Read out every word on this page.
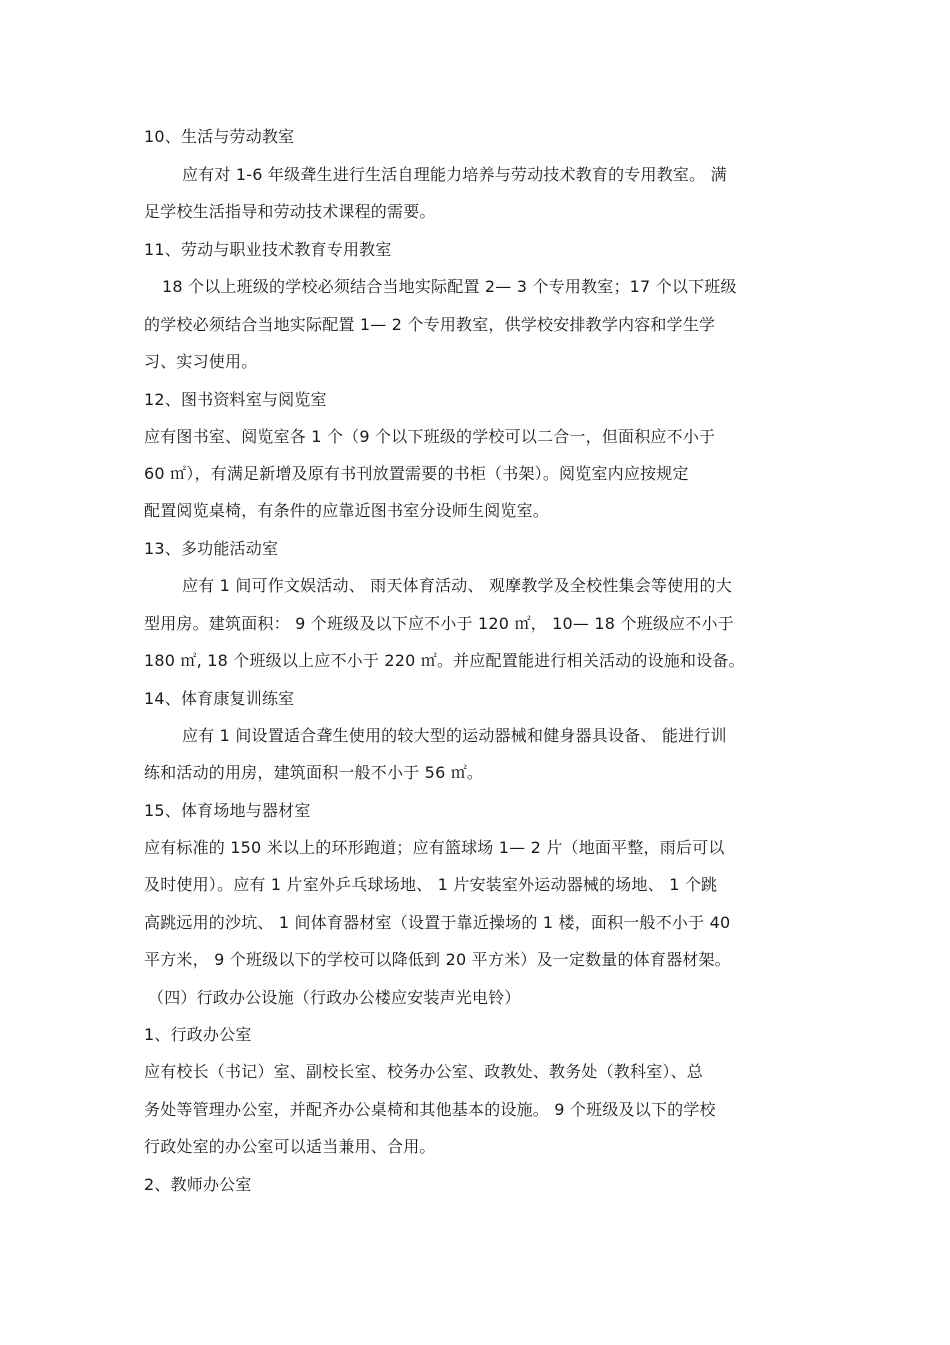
10、生活与劳动教室
应有对 1-6 年级聋生进行生活自理能力培养与劳动技术教育的专用教室。 满
足学校生活指导和劳动技术课程的需要。
11、劳动与职业技术教育专用教室
18 个以上班级的学校必须结合当地实际配置 2— 3 个专用教室；17 个以下班级
的学校必须结合当地实际配置 1— 2 个专用教室，供学校安排教学内容和学生学
习、实习使用。
12、图书资料室与阅览室
应有图书室、阅览室各 1 个（9 个以下班级的学校可以二合一，但面积应不小于
60 ㎡），有满足新增及原有书刊放置需要的书柜（书架）。阅览室内应按规定
配置阅览桌椅，有条件的应靠近图书室分设师生阅览室。
13、多功能活动室
应有 1 间可作文娱活动、 雨天体育活动、 观摩教学及全校性集会等使用的大
型用房。建筑面积： 9 个班级及以下应不小于 120 ㎡， 10— 18 个班级应不小于
180 ㎡, 18 个班级以上应不小于 220 ㎡。并应配置能进行相关活动的设施和设备。
14、体育康复训练室
应有 1 间设置适合聋生使用的较大型的运动器械和健身器具设备、 能进行训
练和活动的用房，建筑面积一般不小于 56 ㎡。
15、体育场地与器材室
应有标准的 150 米以上的环形跑道；应有篮球场 1— 2 片（地面平整，雨后可以
及时使用）。应有 1 片室外乒乓球场地、 1 片安装室外运动器械的场地、 1 个跳
高跳远用的沙坑、 1 间体育器材室（设置于靠近操场的 1 楼，面积一般不小于 40
平方米， 9 个班级以下的学校可以降低到 20 平方米）及一定数量的体育器材架。
（四）行政办公设施（行政办公楼应安装声光电铃）
1、行政办公室
应有校长（书记）室、副校长室、校务办公室、政教处、教务处（教科室）、总
务处等管理办公室，并配齐办公桌椅和其他基本的设施。 9 个班级及以下的学校
行政处室的办公室可以适当兼用、合用。
2、教师办公室
